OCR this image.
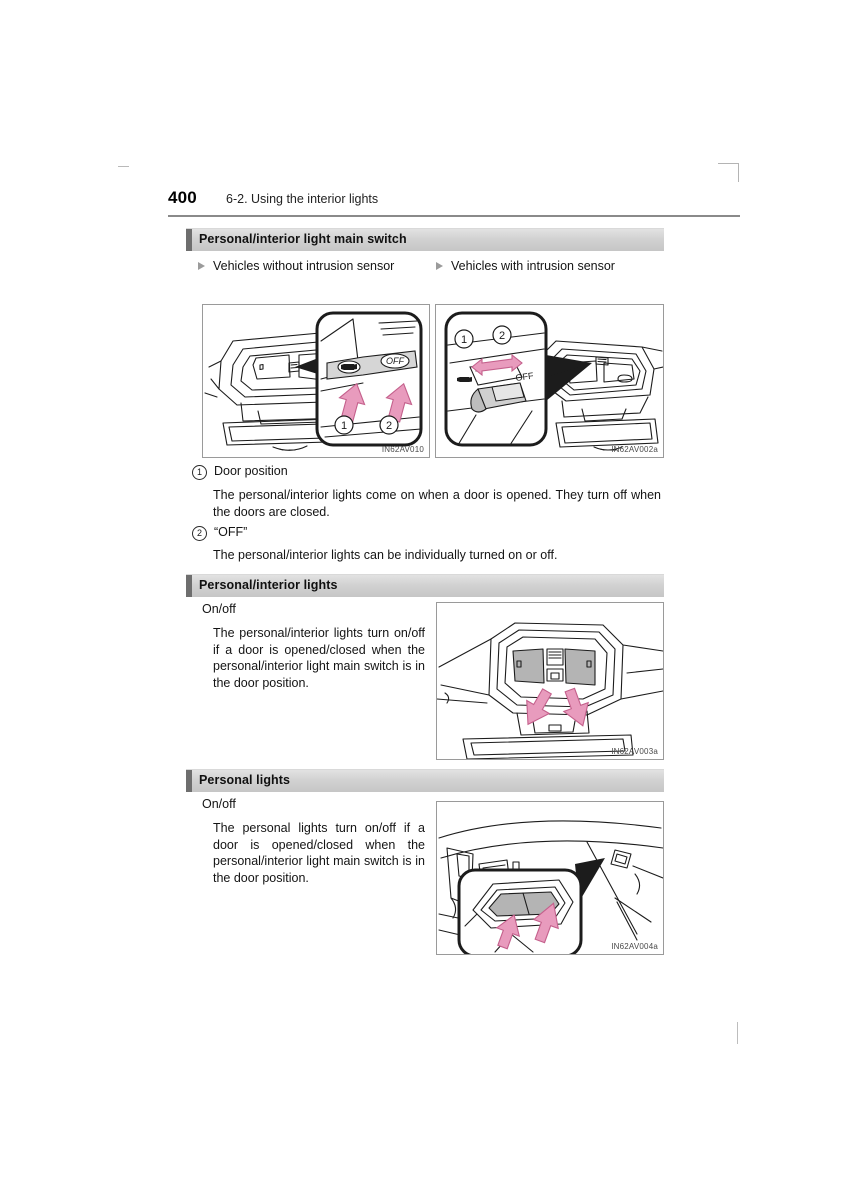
400 6-2. Using the interior lights
Personal/interior light main switch
Vehicles without intrusion sensor	Vehicles with intrusion sensor
OFF
1	2
IN62AV010
OFF
1	2
IN62AV002a
1 Door position
The personal/interior lights come on when a door is opened. They turn off when the doors are closed.
2 “OFF”
The personal/interior lights can be individually turned on or off.
Personal/interior lights
On/off
The personal/interior lights turn on/off if a door is opened/closed when the personal/interior light main switch is in the door position.
IN62AV003a
Personal lights
On/off
The personal lights turn on/off if a door is opened/closed when the personal/interior light main switch is in the door position.
IN62AV004a
